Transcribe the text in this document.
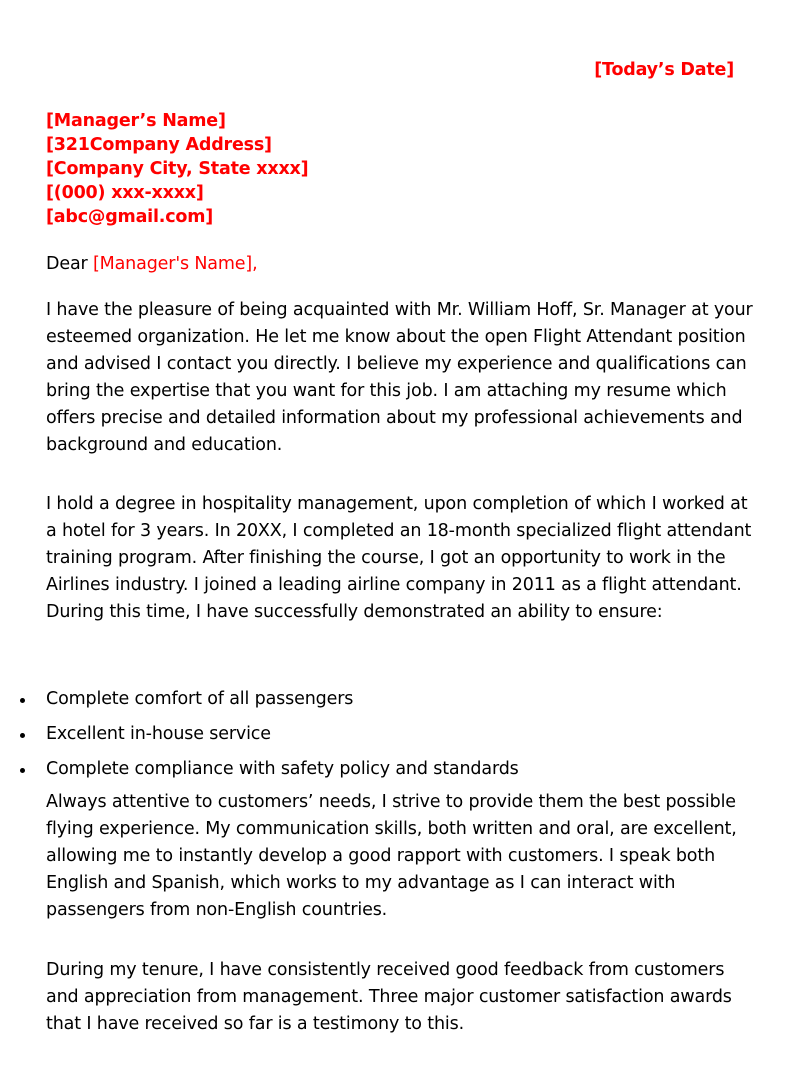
[Today’s Date]
[Manager’s Name]
[321Company Address]
[Company City, State xxxx]
[(000) xxx-xxxx]
[abc@gmail.com]
Dear [Manager's Name],
I have the pleasure of being acquainted with Mr. William Hoff, Sr. Manager at your esteemed organization. He let me know about the open Flight Attendant position and advised I contact you directly. I believe my experience and qualifications can bring the expertise that you want for this job. I am attaching my resume which offers precise and detailed information about my professional achievements and background and education.
I hold a degree in hospitality management, upon completion of which I worked at a hotel for 3 years. In 20XX, I completed an 18-month specialized flight attendant training program. After finishing the course, I got an opportunity to work in the Airlines industry. I joined a leading airline company in 2011 as a flight attendant. During this time, I have successfully demonstrated an ability to ensure:
Complete comfort of all passengers
Excellent in-house service
Complete compliance with safety policy and standards
Always attentive to customers’ needs, I strive to provide them the best possible flying experience. My communication skills, both written and oral, are excellent, allowing me to instantly develop a good rapport with customers. I speak both English and Spanish, which works to my advantage as I can interact with passengers from non-English countries.
During my tenure, I have consistently received good feedback from customers and appreciation from management. Three major customer satisfaction awards that I have received so far is a testimony to this.
